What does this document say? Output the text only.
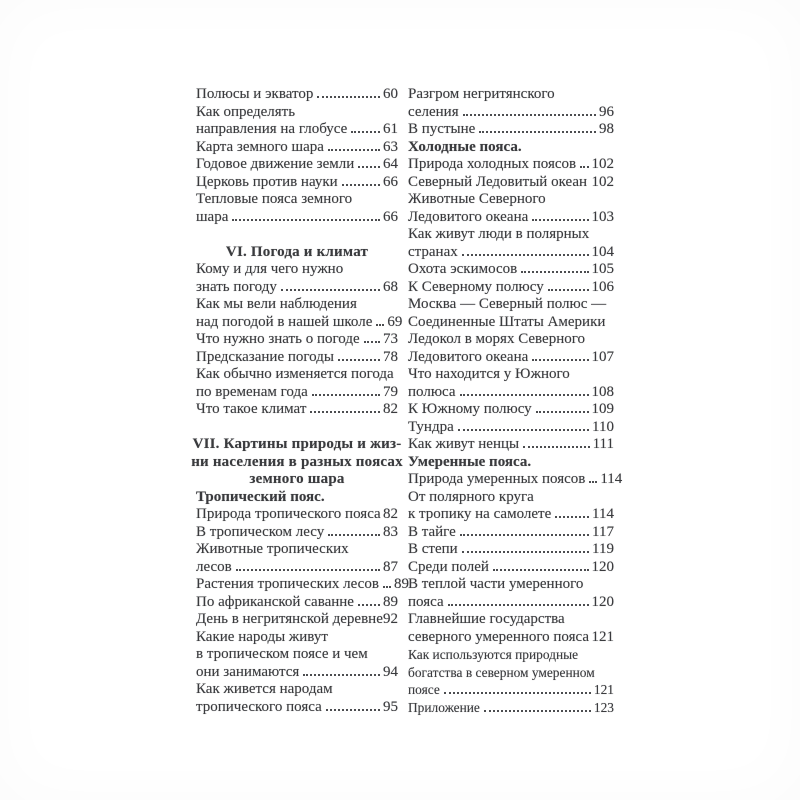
Полюсы и экватор	60
Как определять
направления на глобусе 61
Карта земного шара	63
Годовое движение земли 64
Церковь против науки	66
Тепловые пояса земного
шара	66
VI. Погода и климат
Кому и для чего нужно
знать погоду	68
Как мы вели наблюдения
над погодой в нашей школе 69
Что нужно знать о погоде 73
Предсказание погоды	78
Как обычно изменяется погода
по временам года	79
Что такое климат	82
VII. Картины природы и жиз-
ни населения в разных поясах
земного шара
Тропический пояс.
Природа тропического пояса 82
В тропическом лесу	83
Животные тропических
лесов	87
Растения тропических лесов 89
По африканской саванне 89
День в негритянской деревне 92
Какие народы живут
в тропическом поясе и чем
они занимаются	94
Как живется народам
тропического пояса	95
Разгром негритянского
селения	96
В пустыне	98
Холодные пояса.
Природа холодных поясов 102
Северный Ледовитый океан 102
Животные Северного
Ледовитого океана	103
Как живут люди в полярных
странах	104
Охота эскимосов	105
К Северному полюсу	106
Москва — Северный полюс —
Соединенные Штаты Америки
Ледокол в морях Северного
Ледовитого океана	107
Что находится у Южного
полюса	108
К Южному полюсу	109
Тундра	110
Как живут ненцы	111
Умеренные пояса.
Природа умеренных поясов 114
От полярного круга
к тропику на самолете	114
В тайге	117
В степи	119
Среди полей	120
В теплой части умеренного
пояса	120
Главнейшие государства
северного умеренного пояса 121
Как используются природные
богатства в северном умеренном
поясе	121
Приложение	123
